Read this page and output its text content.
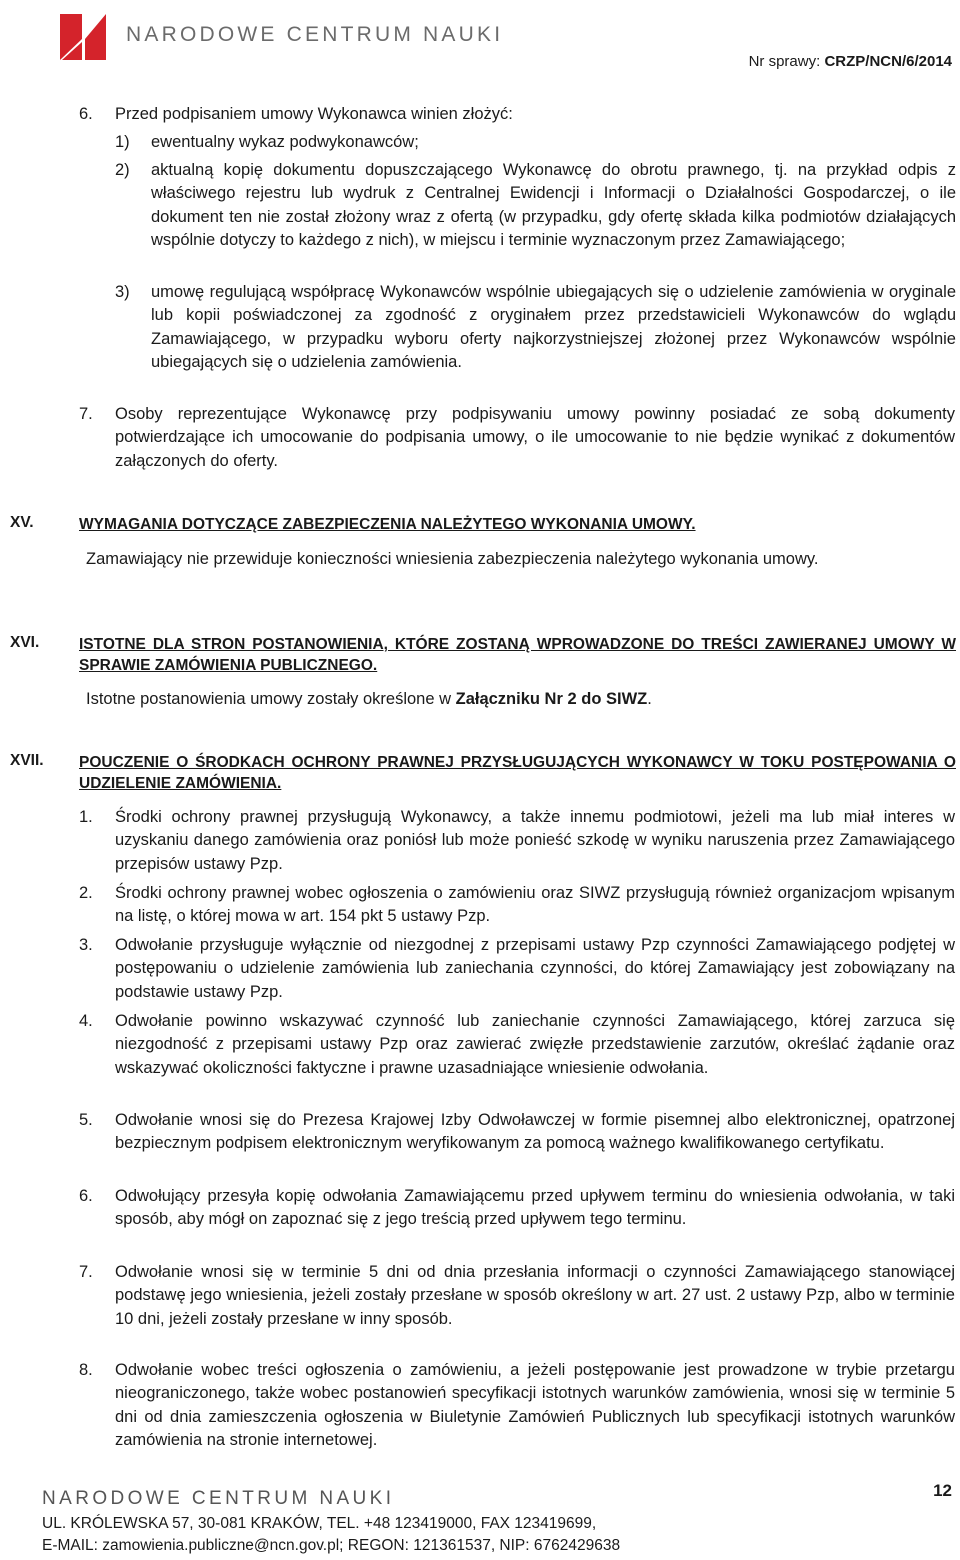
NARODOWE CENTRUM NAUKI
Nr sprawy: CRZP/NCN/6/2014
6. Przed podpisaniem umowy Wykonawca winien złożyć:
1) ewentualny wykaz podwykonawców;
2) aktualną kopię dokumentu dopuszczającego Wykonawcę do obrotu prawnego, tj. na przykład odpis z właściwego rejestru lub wydruk z Centralnej Ewidencji i Informacji o Działalności Gospodarczej, o ile dokument ten nie został złożony wraz z ofertą (w przypadku, gdy ofertę składa kilka podmiotów działających wspólnie dotyczy to każdego z nich), w miejscu i terminie wyznaczonym przez Zamawiającego;
3) umowę regulującą współpracę Wykonawców wspólnie ubiegających się o udzielenie zamówienia w oryginale lub kopii poświadczonej za zgodność z oryginałem przez przedstawicieli Wykonawców do wglądu Zamawiającego, w przypadku wyboru oferty najkorzystniejszej złożonej przez Wykonawców wspólnie ubiegających się o udzielenia zamówienia.
7. Osoby reprezentujące Wykonawcę przy podpisywaniu umowy powinny posiadać ze sobą dokumenty potwierdzające ich umocowanie do podpisania umowy, o ile umocowanie to nie będzie wynikać z dokumentów załączonych do oferty.
XV.	WYMAGANIA DOTYCZĄCE ZABEZPIECZENIA NALEŻYTEGO WYKONANIA UMOWY.
Zamawiający nie przewiduje konieczności wniesienia zabezpieczenia należytego wykonania umowy.
XVI.	ISTOTNE DLA STRON POSTANOWIENIA, KTÓRE ZOSTANĄ WPROWADZONE DO TREŚCI ZAWIERANEJ UMOWY W SPRAWIE ZAMÓWIENIA PUBLICZNEGO.
Istotne postanowienia umowy zostały określone w Załączniku Nr 2 do SIWZ.
XVII. POUCZENIE O ŚRODKACH OCHRONY PRAWNEJ PRZYSŁUGUJĄCYCH WYKONAWCY W TOKU POSTĘPOWANIA O UDZIELENIE ZAMÓWIENIA.
1. Środki ochrony prawnej przysługują Wykonawcy, a także innemu podmiotowi, jeżeli ma lub miał interes w uzyskaniu danego zamówienia oraz poniósł lub może ponieść szkodę w wyniku naruszenia przez Zamawiającego przepisów ustawy Pzp.
2. Środki ochrony prawnej wobec ogłoszenia o zamówieniu oraz SIWZ przysługują również organizacjom wpisanym na listę, o której mowa w art. 154 pkt 5 ustawy Pzp.
3. Odwołanie przysługuje wyłącznie od niezgodnej z przepisami ustawy Pzp czynności Zamawiającego podjętej w postępowaniu o udzielenie zamówienia lub zaniechania czynności, do której Zamawiający jest zobowiązany na podstawie ustawy Pzp.
4. Odwołanie powinno wskazywać czynność lub zaniechanie czynności Zamawiającego, której zarzuca się niezgodność z przepisami ustawy Pzp oraz zawierać zwięzłe przedstawienie zarzutów, określać żądanie oraz wskazywać okoliczności faktyczne i prawne uzasadniające wniesienie odwołania.
5. Odwołanie wnosi się do Prezesa Krajowej Izby Odwoławczej w formie pisemnej albo elektronicznej, opatrzonej bezpiecznym podpisem elektronicznym weryfikowanym za pomocą ważnego kwalifikowanego certyfikatu.
6. Odwołujący przesyła kopię odwołania Zamawiającemu przed upływem terminu do wniesienia odwołania, w taki sposób, aby mógł on zapoznać się z jego treścią przed upływem tego terminu.
7. Odwołanie wnosi się w terminie 5 dni od dnia przesłania informacji o czynności Zamawiającego stanowiącej podstawę jego wniesienia, jeżeli zostały przesłane w sposób określony w art. 27 ust. 2 ustawy Pzp, albo w terminie 10 dni, jeżeli zostały przesłane w inny sposób.
8. Odwołanie wobec treści ogłoszenia o zamówieniu, a jeżeli postępowanie jest prowadzone w trybie przetargu nieograniczonego, także wobec postanowień specyfikacji istotnych warunków zamówienia, wnosi się w terminie 5 dni od dnia zamieszczenia ogłoszenia w Biuletynie Zamówień Publicznych lub specyfikacji istotnych warunków zamówienia na stronie internetowej.
NARODOWE CENTRUM NAUKI	12
UL. KRÓLEWSKA 57, 30-081 KRAKÓW, TEL. +48 123419000, FAX 123419699,
E-MAIL: zamowienia.publiczne@ncn.gov.pl; REGON: 121361537, NIP: 6762429638
